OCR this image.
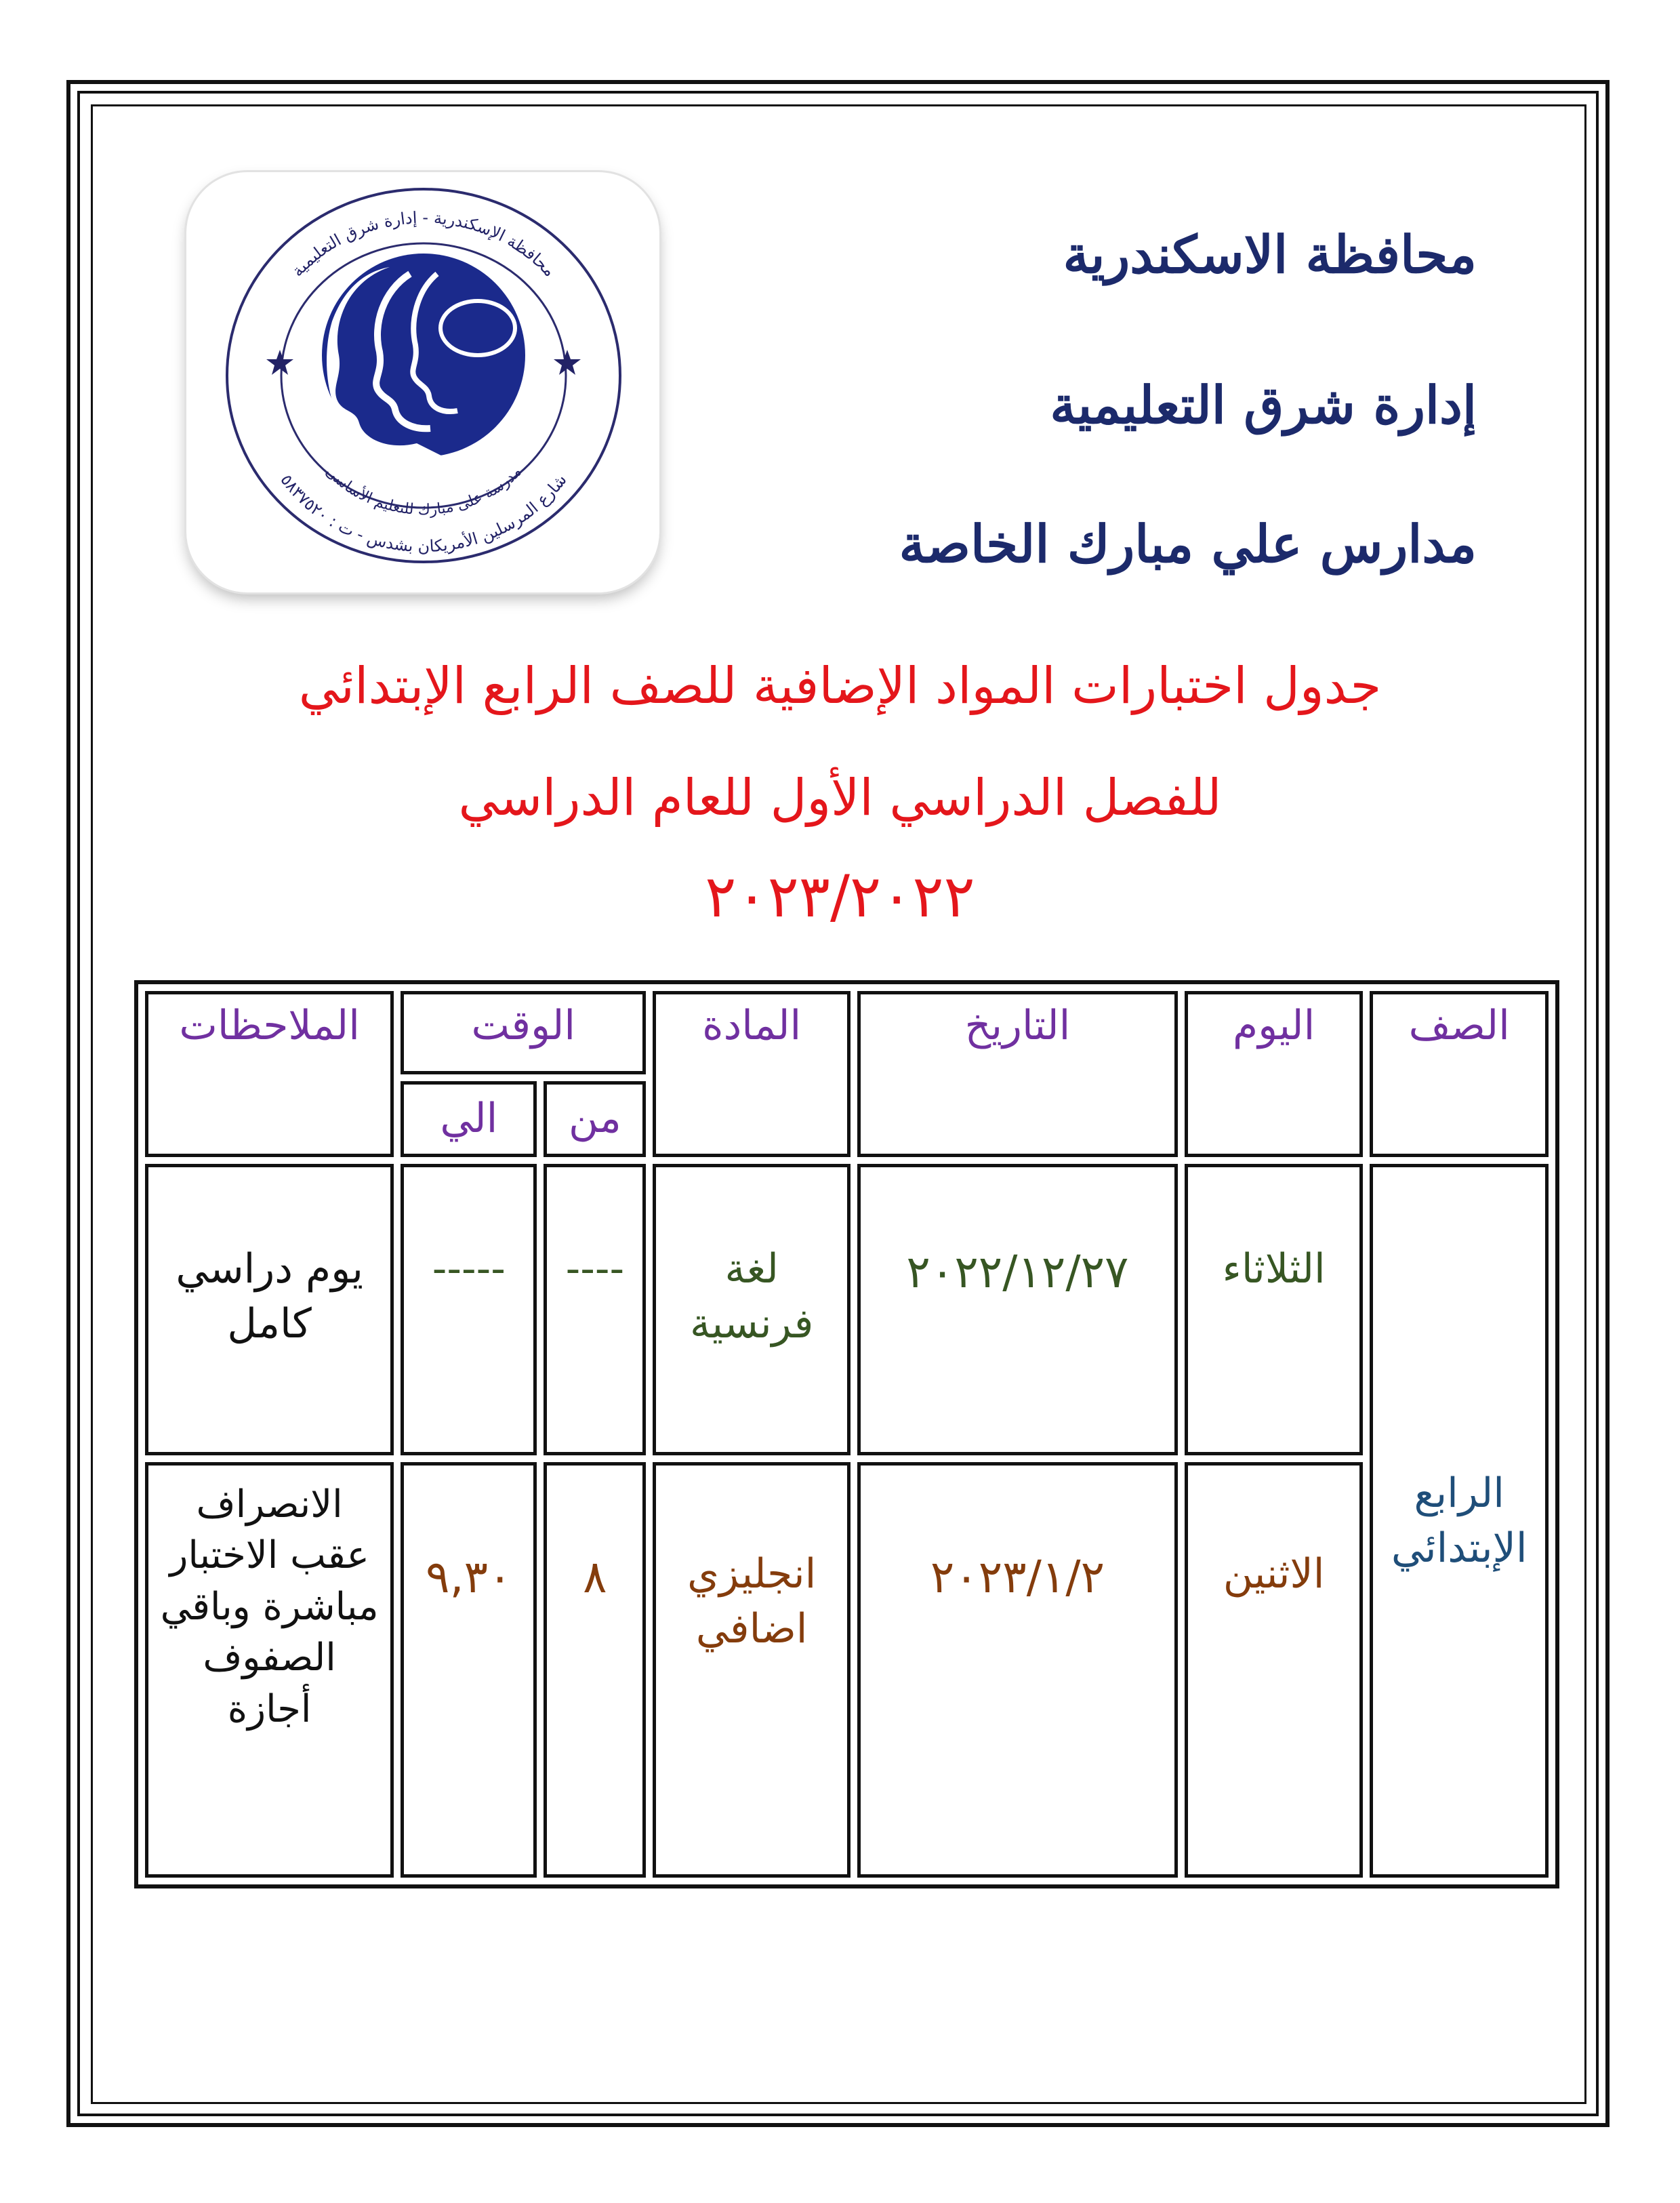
محافظة الإسكندرية - إدارة شرق التعليمية
شارع المرسلين الأمريكان بشدس - ت : ٥٨٣٧٥٢٠
مدرسة على مبارك للتعليم الأساسى
محافظة الاسكندرية
إدارة شرق التعليمية
مدارس علي مبارك الخاصة
جدول اختبارات المواد الإضافية للصف الرابع الإبتدائي
للفصل الدراسي الأول للعام الدراسي
٢٠٢٣/٢٠٢٢
الصف	اليوم	التاريخ	المادة	الوقت		الملاحظات
				من	الي	
الرابع الإبتدائي	الثلاثاء	٢٠٢٢/١٢/٢٧	لغة فرنسية	----	-----	يوم دراسي كامل
	الاثنين	٢٠٢٣/١/٢	انجليزي اضافي	٨	٩,٣٠	الانصراف عقب الاختبار مباشرة وباقي الصفوف أجازة
